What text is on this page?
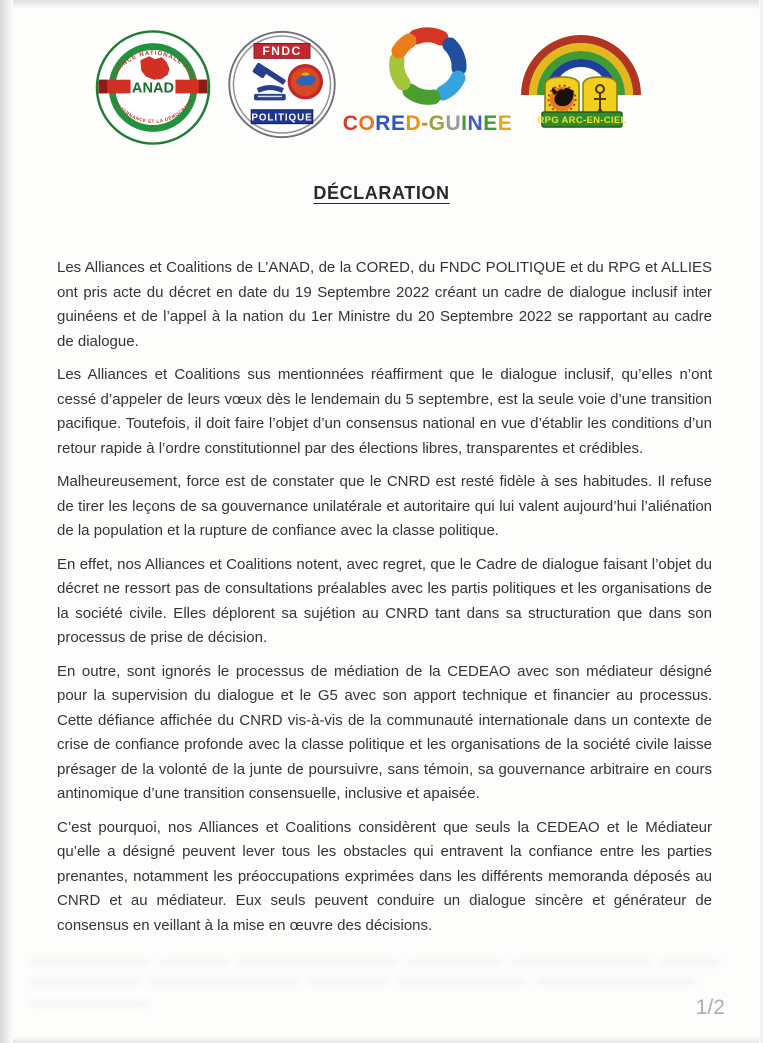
ANAD
ALLIANCE NATIONALE POUR
L’ALTERNANCE ET LA DÉMOCRATIE
FNDC
POLITIQUE CORED-GUINEE	RPG ARC-EN-CIEL
DÉCLARATION

Les Alliances et Coalitions de L’ANAD, de la CORED, du FNDC POLITIQUE et du RPG et ALLIES ont pris acte du décret en date du 19 Septembre 2022 créant un cadre de dialogue inclusif inter guinéens et de l’appel à la nation du 1er Ministre du 20 Septembre 2022 se rapportant au cadre de dialogue.

Les Alliances et Coalitions sus mentionnées réaffirment que le dialogue inclusif, qu’elles n’ont cessé d’appeler de leurs vœux dès le lendemain du 5 septembre, est la seule voie d’une transition pacifique. Toutefois, il doit faire l’objet d’un consensus national en vue d’établir les conditions d’un retour rapide à l’ordre constitutionnel par des élections libres, transparentes et crédibles.

Malheureusement, force est de constater que le CNRD est resté fidèle à ses habitudes. Il refuse de tirer les leçons de sa gouvernance unilatérale et autoritaire qui lui valent aujourd’hui l’aliénation de la population et la rupture de confiance avec la classe politique.

En effet, nos Alliances et Coalitions notent, avec regret, que le Cadre de dialogue faisant l’objet du décret ne ressort pas de consultations préalables avec les partis politiques et les organisations de la société civile. Elles déplorent sa sujétion au CNRD tant dans sa structuration que dans son processus de prise de décision.

En outre, sont ignorés le processus de médiation de la CEDEAO avec son médiateur désigné pour la supervision du dialogue et le G5 avec son apport technique et financier au processus. Cette défiance affichée du CNRD vis-à-vis de la communauté internationale dans un contexte de crise de confiance profonde avec la classe politique et les organisations de la société civile laisse présager de la volonté de la junte de poursuivre, sans témoin, sa gouvernance arbitraire en cours antinomique d’une transition consensuelle, inclusive et apaisée.

C’est pourquoi, nos Alliances et Coalitions considèrent que seuls la CEDEAO et le Médiateur qu’elle a désigné peuvent lever tous les obstacles qui entravent la confiance entre les parties prenantes, notamment les préoccupations exprimées dans les différents memoranda déposés au CNRD et au médiateur. Eux seuls peuvent conduire un dialogue sincère et générateur de consensus en veillant à la mise en œuvre des décisions.

1/2
